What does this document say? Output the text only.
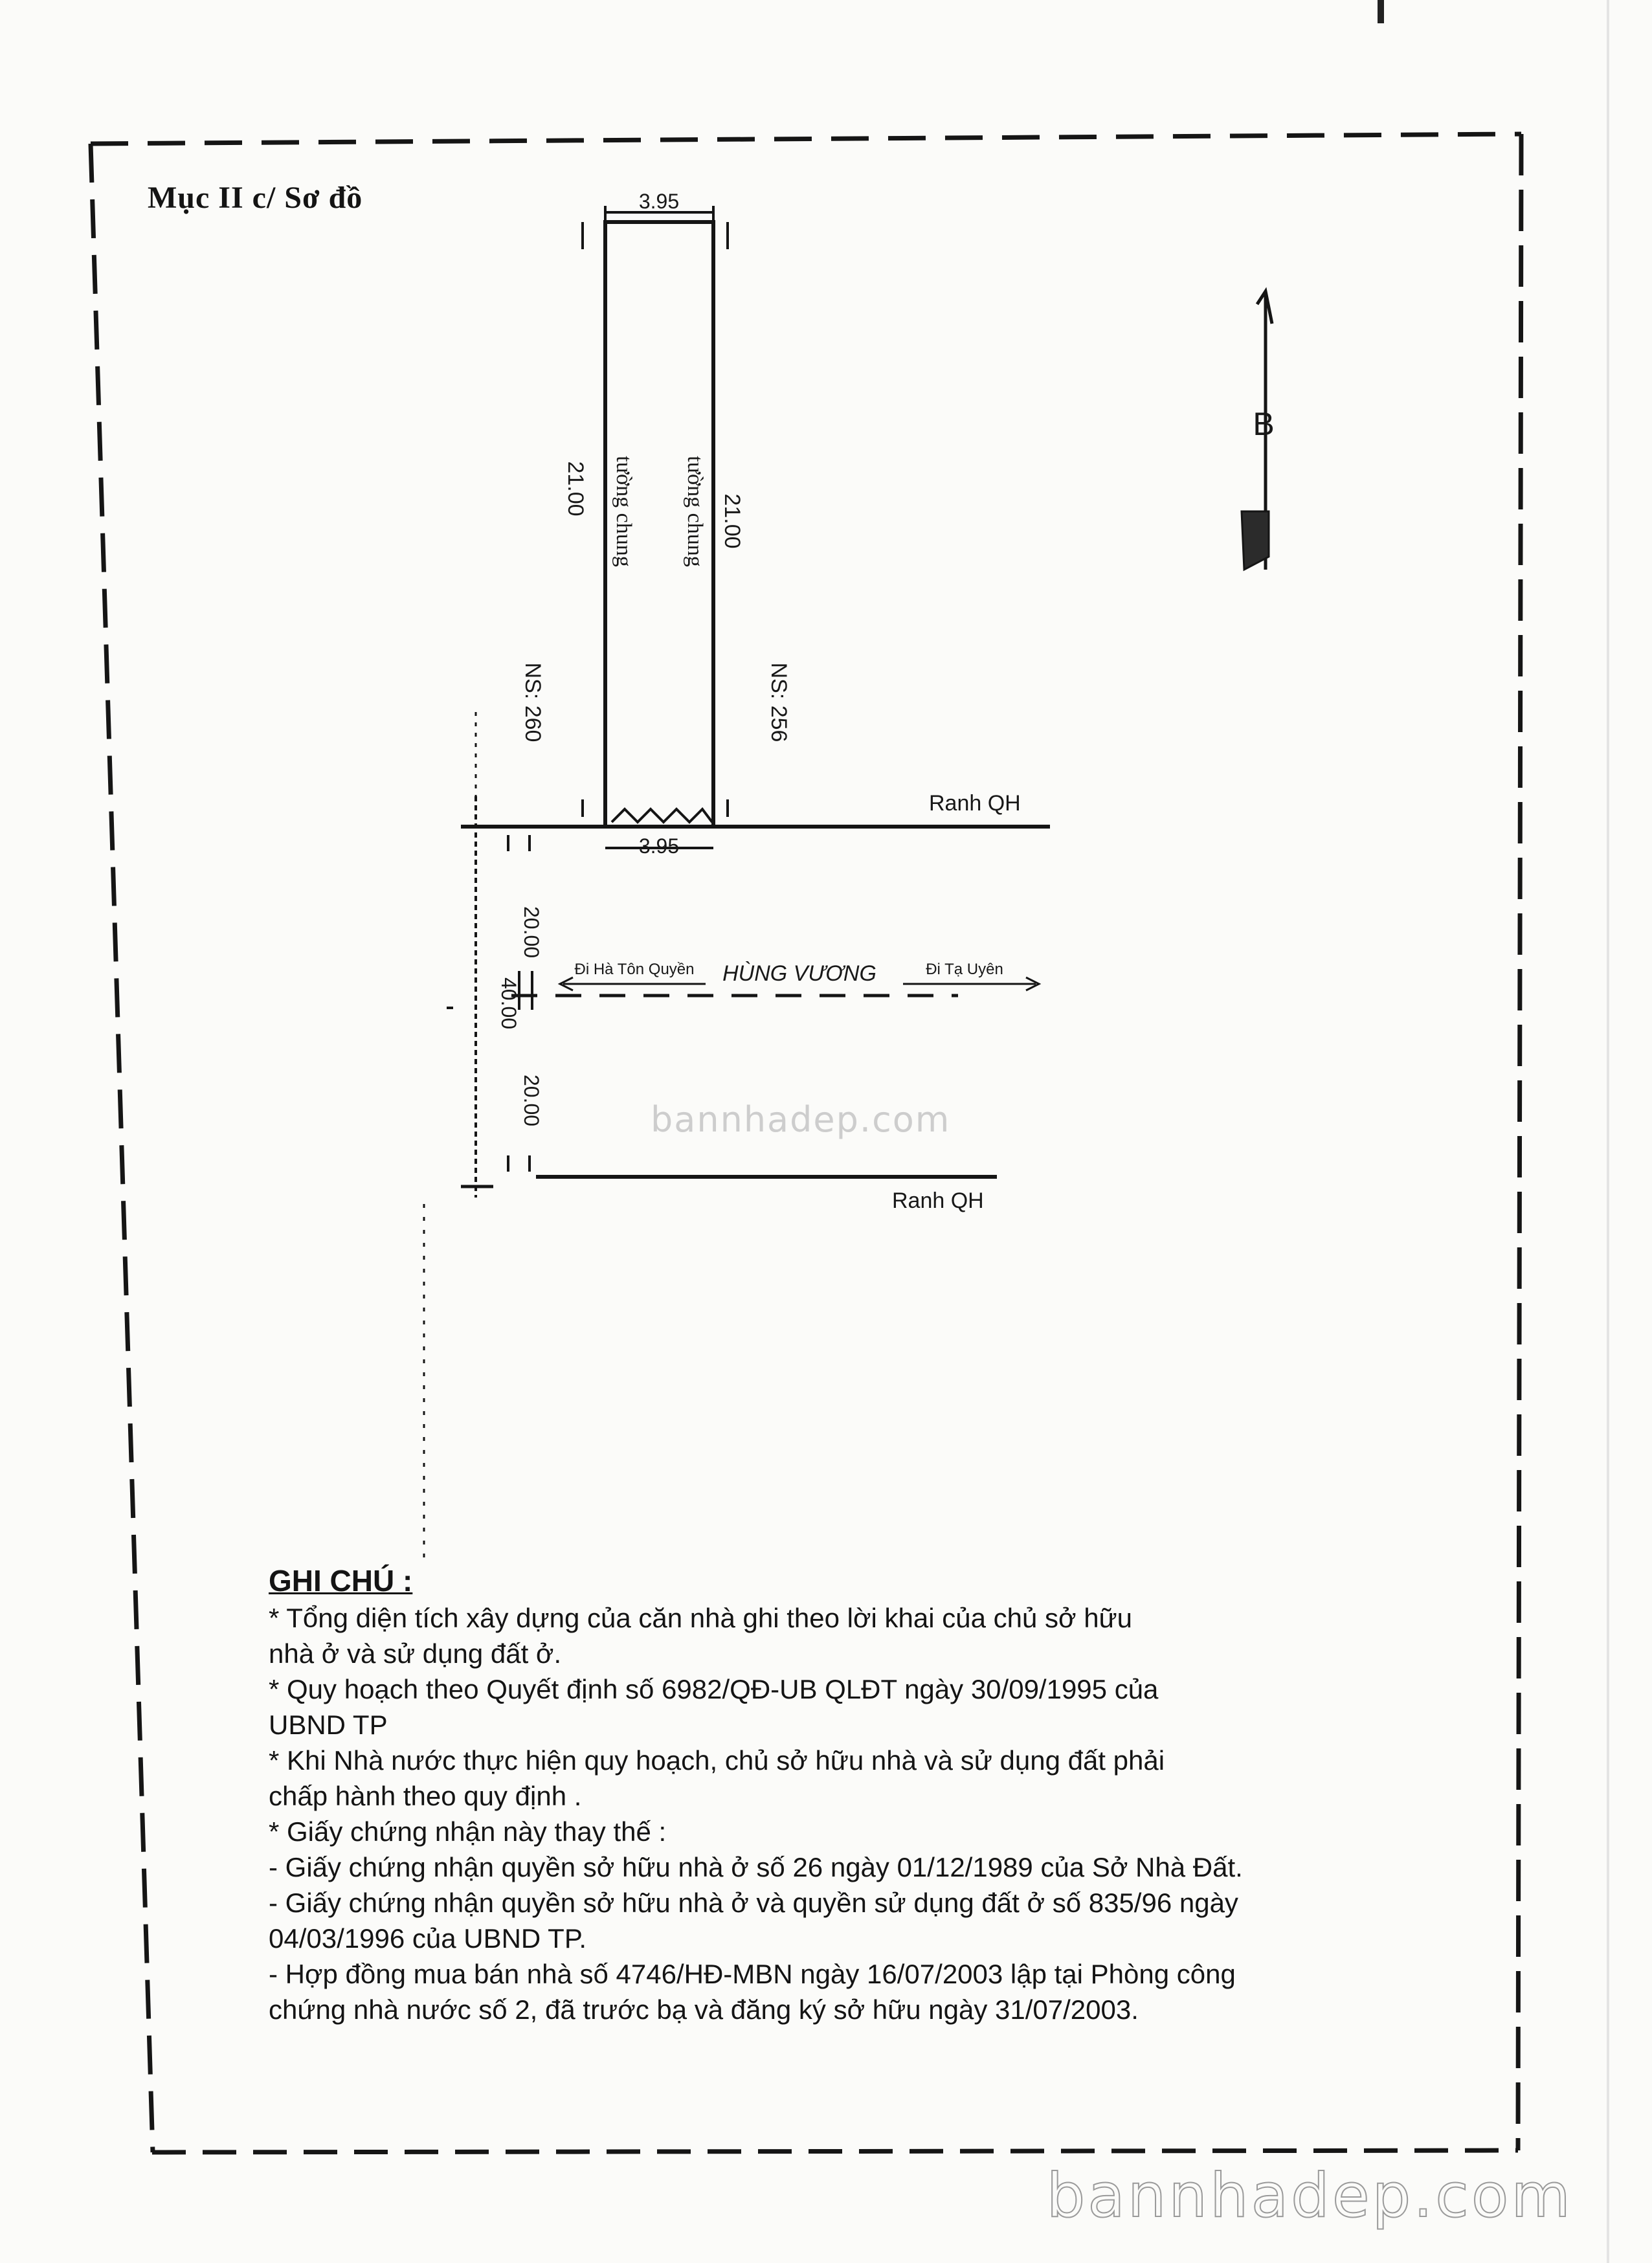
Mục II c/ Sơ đồ	3.95
3.95
21.00
21.00
tường chung tường chung
NS: 260	NS: 256
Ranh QH
Ranh QH
20.00
20.00
40.00
HÙNG VƯƠNG
Đi Hà Tôn Quyền	Đi Tạ Uyên
B
bannhadep.com
GHI CHÚ :
* Tổng diện tích xây dựng của căn nhà ghi theo lời khai của chủ sở hữu
nhà ở và sử dụng đất ở.
* Quy hoạch theo Quyết định số 6982/QĐ-UB QLĐT ngày 30/09/1995 của
UBND TP
* Khi Nhà nước thực hiện quy hoạch, chủ sở hữu nhà và sử dụng đất phải
chấp hành theo quy định .
* Giấy chứng nhận này thay thế :
- Giấy chứng nhận quyền sở hữu nhà ở số 26 ngày 01/12/1989 của Sở Nhà Đất.
- Giấy chứng nhận quyền sở hữu nhà ở và quyền sử dụng đất ở số 835/96 ngày
04/03/1996 của UBND TP.
- Hợp đồng mua bán nhà số 4746/HĐ-MBN ngày 16/07/2003 lập tại Phòng công
chứng nhà nước số 2, đã trước bạ và đăng ký sở hữu ngày 31/07/2003.
bannhadep.com
